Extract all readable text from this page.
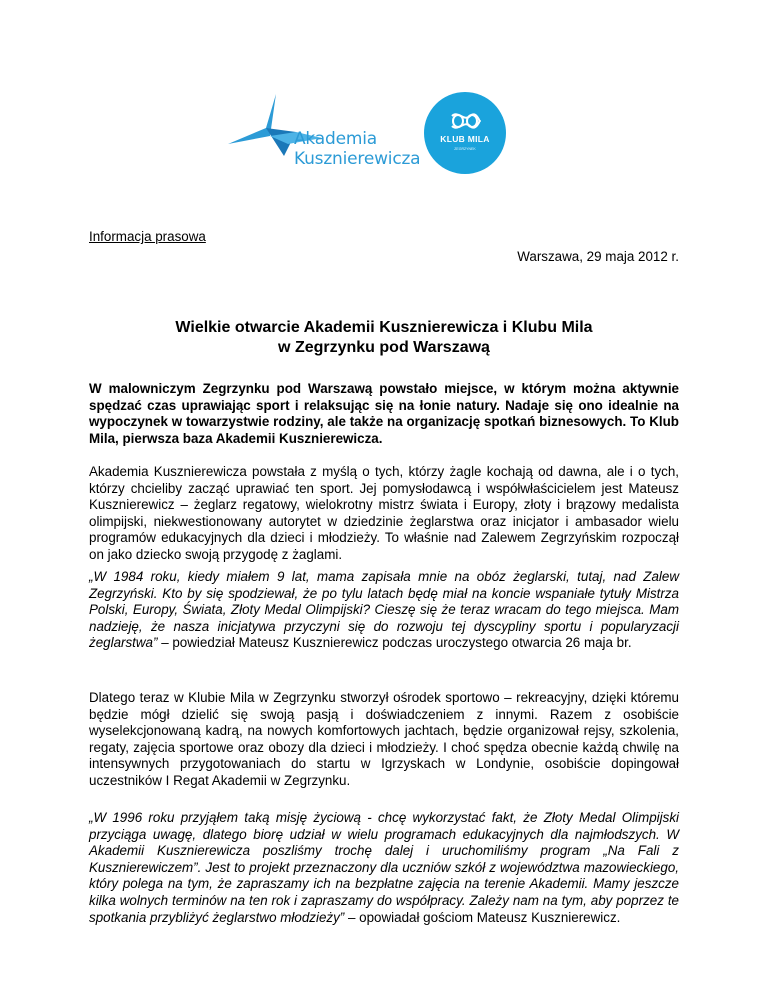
Akademia
Kusznierewicza
KLUB MILA
ZEGRZYNEK
Informacja prasowa
Warszawa, 29 maja 2012 r.
Wielkie otwarcie Akademii Kusznierewicza i Klubu Mila
w Zegrzynku pod Warszawą

W malowniczym Zegrzynku pod Warszawą powstało miejsce, w którym można aktywnie spędzać czas uprawiając sport i relaksując się na łonie natury. Nadaje się ono idealnie na wypoczynek w towarzystwie rodziny, ale także na organizację spotkań biznesowych. To Klub Mila, pierwsza baza Akademii Kusznierewicza.

Akademia Kusznierewicza powstała z myślą o tych, którzy żagle kochają od dawna, ale i o tych, którzy chcieliby zacząć uprawiać ten sport. Jej pomysłodawcą i współwłaścicielem jest Mateusz Kusznierewicz – żeglarz regatowy, wielokrotny mistrz świata i Europy, złoty i brązowy medalista olimpijski, niekwestionowany autorytet w dziedzinie żeglarstwa oraz inicjator i ambasador wielu programów edukacyjnych dla dzieci i młodzieży. To właśnie nad Zalewem Zegrzyńskim rozpoczął on jako dziecko swoją przygodę z żaglami.

„W 1984 roku, kiedy miałem 9 lat, mama zapisała mnie na obóz żeglarski, tutaj, nad Zalew Zegrzyński. Kto by się spodziewał, że po tylu latach będę miał na koncie wspaniałe tytuły Mistrza Polski, Europy, Świata, Złoty Medal Olimpijski? Cieszę się że teraz wracam do tego miejsca. Mam nadzieję, że nasza inicjatywa przyczyni się do rozwoju tej dyscypliny sportu i popularyzacji żeglarstwa” – powiedział Mateusz Kusznierewicz podczas uroczystego otwarcia 26 maja br.

Dlatego teraz w Klubie Mila w Zegrzynku stworzył ośrodek sportowo – rekreacyjny, dzięki któremu będzie mógł dzielić się swoją pasją i doświadczeniem z innymi. Razem z osobiście wyselekcjonowaną kadrą, na nowych komfortowych jachtach, będzie organizował rejsy, szkolenia, regaty, zajęcia sportowe oraz obozy dla dzieci i młodzieży. I choć spędza obecnie każdą chwilę na intensywnych przygotowaniach do startu w Igrzyskach w Londynie, osobiście dopingował uczestników I Regat Akademii w Zegrzynku.

„W 1996 roku przyjąłem taką misję życiową - chcę wykorzystać fakt, że Złoty Medal Olimpijski przyciąga uwagę, dlatego biorę udział w wielu programach edukacyjnych dla najmłodszych. W Akademii Kusznierewicza poszliśmy trochę dalej i uruchomiliśmy program „Na Fali z Kusznierewiczem”. Jest to projekt przeznaczony dla uczniów szkół z województwa mazowieckiego, który polega na tym, że zapraszamy ich na bezpłatne zajęcia na terenie Akademii. Mamy jeszcze kilka wolnych terminów na ten rok i zapraszamy do współpracy. Zależy nam na tym, aby poprzez te spotkania przybliżyć żeglarstwo młodzieży” – opowiadał gościom Mateusz Kusznierewicz.
